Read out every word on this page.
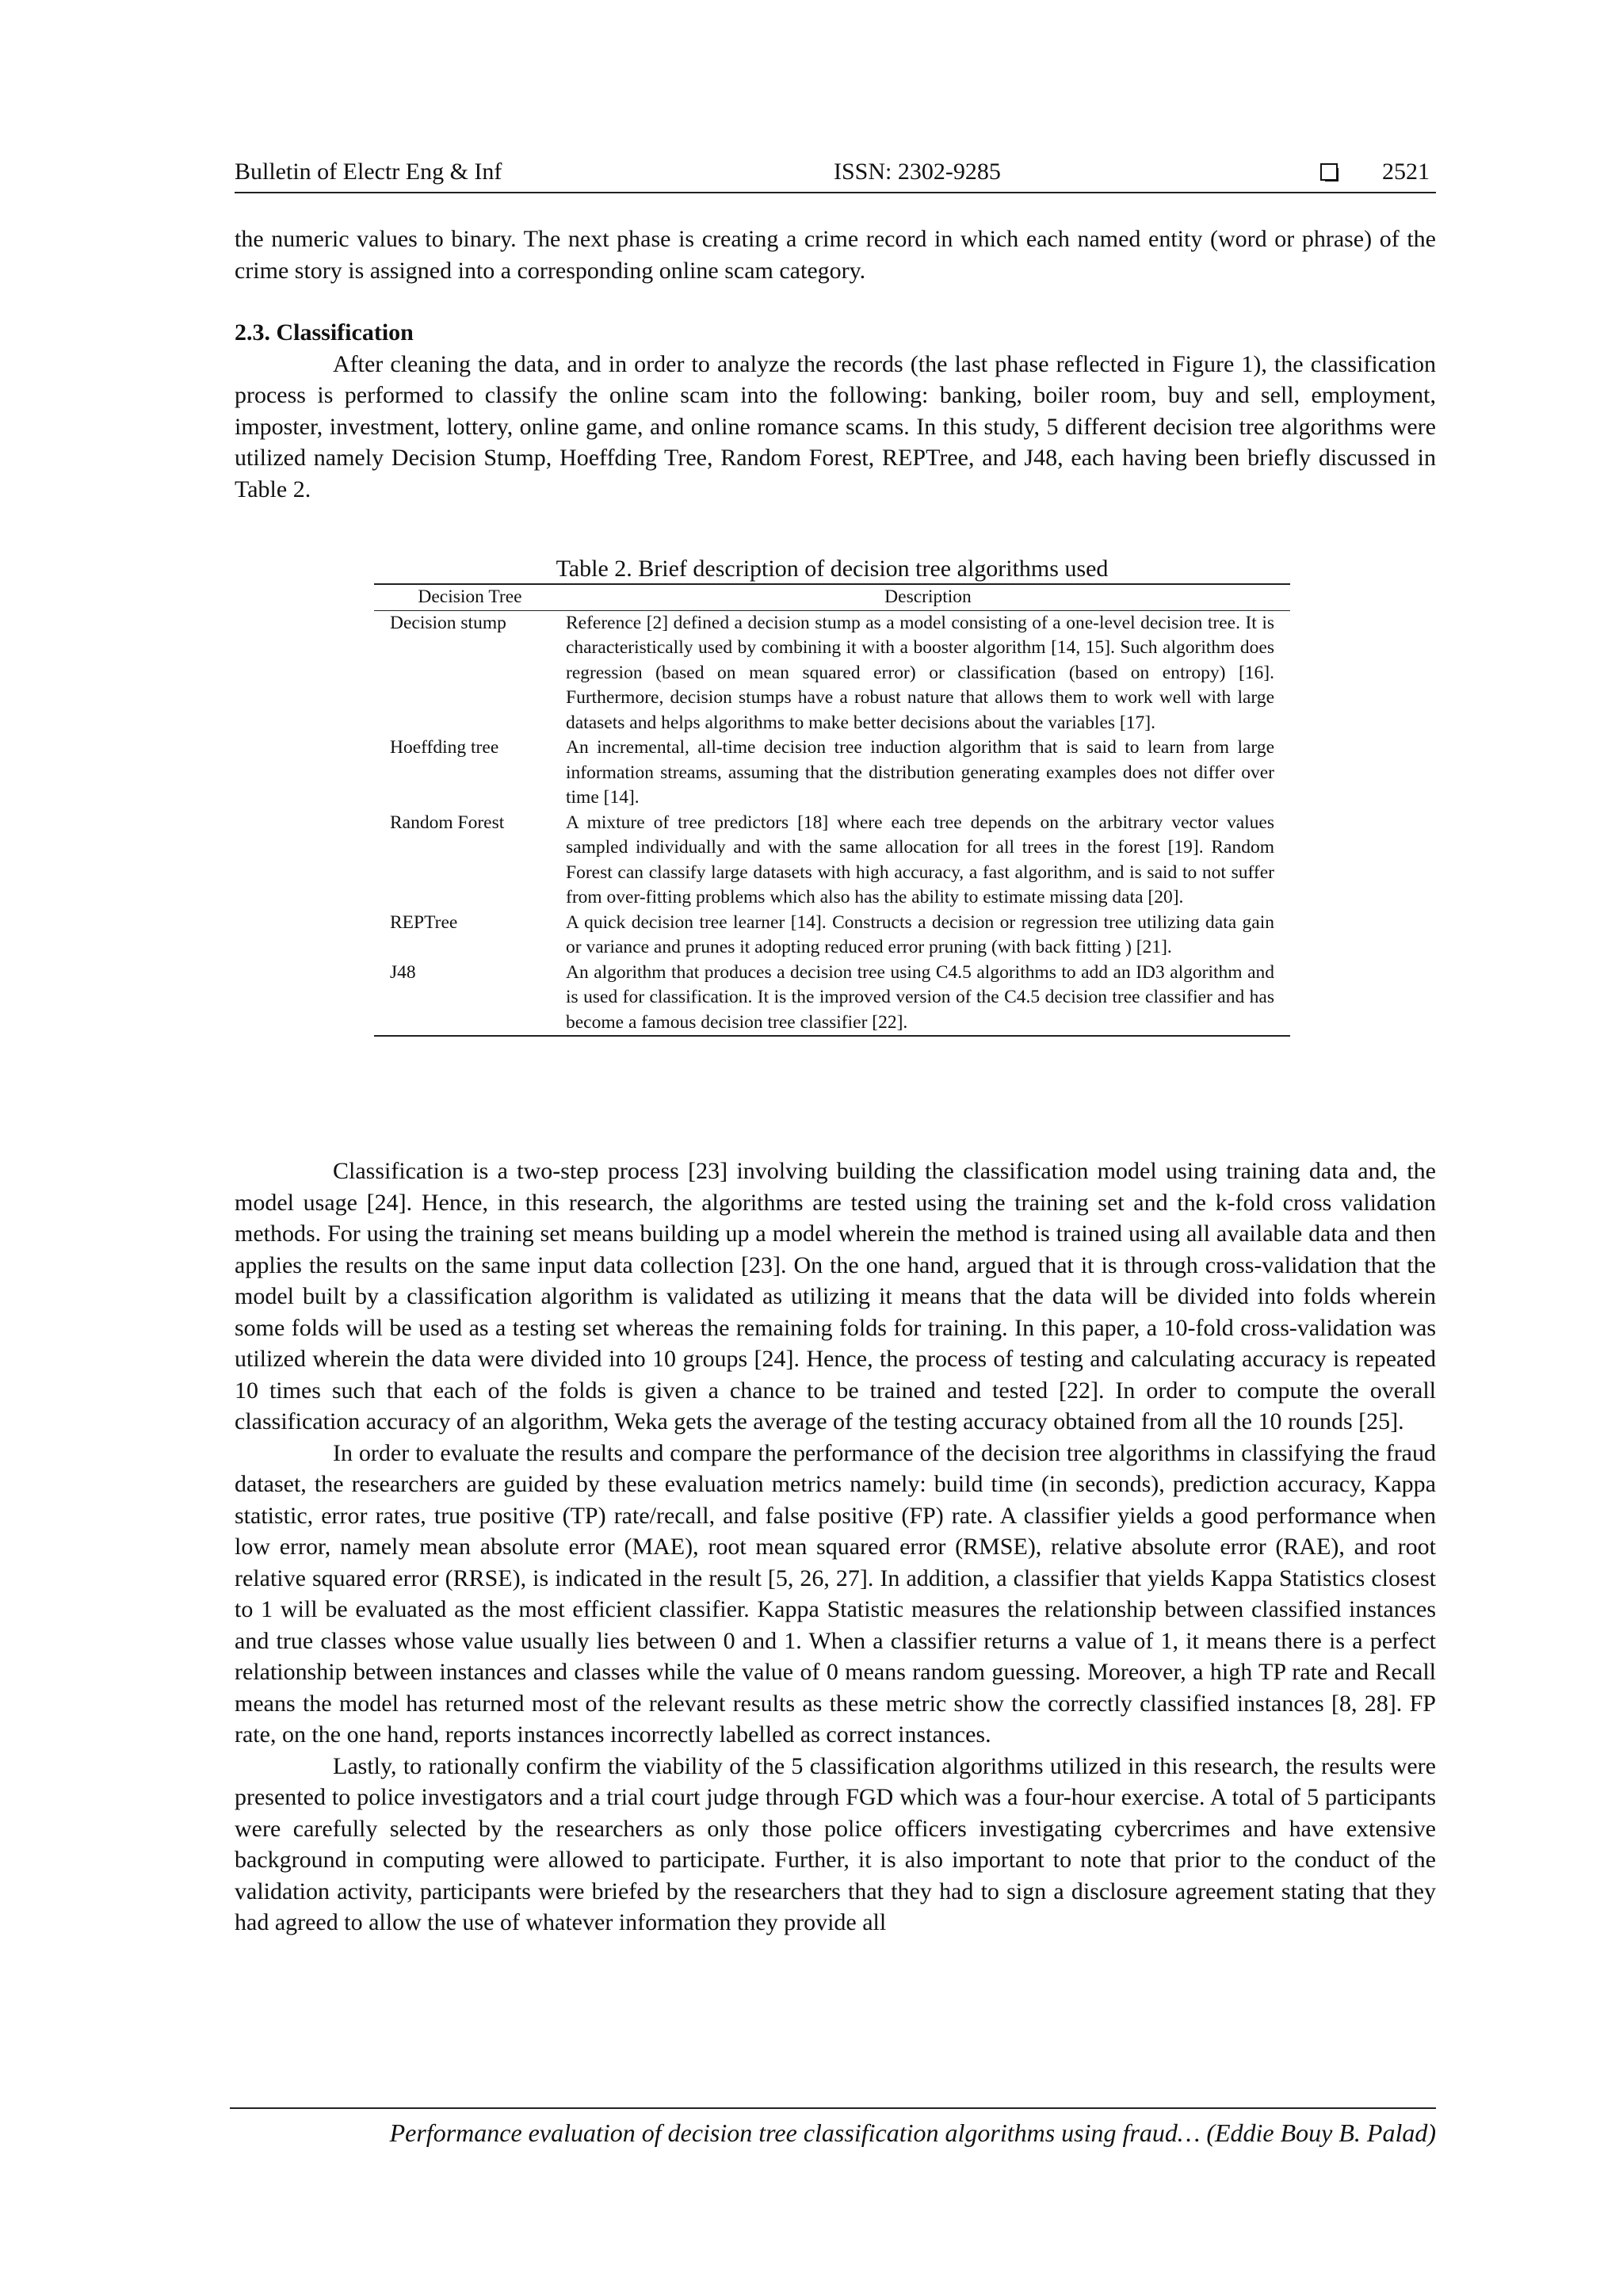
Bulletin of Electr Eng & Inf	ISSN: 2302-9285	2521

the numeric values to binary. The next phase is creating a crime record in which each named entity (word or phrase) of the crime story is assigned into a corresponding online scam category.

2.3. Classification

After cleaning the data, and in order to analyze the records (the last phase reflected in Figure 1), the classification process is performed to classify the online scam into the following: banking, boiler room, buy and sell, employment, imposter, investment, lottery, online game, and online romance scams. In this study, 5 different decision tree algorithms were utilized namely Decision Stump, Hoeffding Tree, Random Forest, REPTree, and J48, each having been briefly discussed in Table 2.

Table 2. Brief description of decision tree algorithms used
Decision Tree	Description
Decision stump	Reference [2] defined a decision stump as a model consisting of a one-level decision tree. It is characteristically used by combining it with a booster algorithm [14, 15]. Such algorithm does regression (based on mean squared error) or classification (based on entropy) [16]. Furthermore, decision stumps have a robust nature that allows them to work well with large datasets and helps algorithms to make better decisions about the variables [17].
Hoeffding tree	An incremental, all-time decision tree induction algorithm that is said to learn from large information streams, assuming that the distribution generating examples does not differ over time [14].
Random Forest	A mixture of tree predictors [18] where each tree depends on the arbitrary vector values sampled individually and with the same allocation for all trees in the forest [19]. Random Forest can classify large datasets with high accuracy, a fast algorithm, and is said to not suffer from over-fitting problems which also has the ability to estimate missing data [20].
REPTree	A quick decision tree learner [14]. Constructs a decision or regression tree utilizing data gain or variance and prunes it adopting reduced error pruning (with back fitting ) [21].
J48	An algorithm that produces a decision tree using C4.5 algorithms to add an ID3 algorithm and is used for classification. It is the improved version of the C4.5 decision tree classifier and has become a famous decision tree classifier [22].

Classification is a two-step process [23] involving building the classification model using training data and, the model usage [24]. Hence, in this research, the algorithms are tested using the training set and the k-fold cross validation methods. For using the training set means building up a model wherein the method is trained using all available data and then applies the results on the same input data collection [23]. On the one hand, argued that it is through cross-validation that the model built by a classification algorithm is validated as utilizing it means that the data will be divided into folds wherein some folds will be used as a testing set whereas the remaining folds for training. In this paper, a 10-fold cross-validation was utilized wherein the data were divided into 10 groups [24]. Hence, the process of testing and calculating accuracy is repeated 10 times such that each of the folds is given a chance to be trained and tested [22]. In order to compute the overall classification accuracy of an algorithm, Weka gets the average of the testing accuracy obtained from all the 10 rounds [25].

In order to evaluate the results and compare the performance of the decision tree algorithms in classifying the fraud dataset, the researchers are guided by these evaluation metrics namely: build time (in seconds), prediction accuracy, Kappa statistic, error rates, true positive (TP) rate/recall, and false positive (FP) rate. A classifier yields a good performance when low error, namely mean absolute error (MAE), root mean squared error (RMSE), relative absolute error (RAE), and root relative squared error (RRSE), is indicated in the result [5, 26, 27]. In addition, a classifier that yields Kappa Statistics closest to 1 will be evaluated as the most efficient classifier. Kappa Statistic measures the relationship between classified instances and true classes whose value usually lies between 0 and 1. When a classifier returns a value of 1, it means there is a perfect relationship between instances and classes while the value of 0 means random guessing. Moreover, a high TP rate and Recall means the model has returned most of the relevant results as these metric show the correctly classified instances [8, 28]. FP rate, on the one hand, reports instances incorrectly labelled as correct instances.

Lastly, to rationally confirm the viability of the 5 classification algorithms utilized in this research, the results were presented to police investigators and a trial court judge through FGD which was a four-hour exercise. A total of 5 participants were carefully selected by the researchers as only those police officers investigating cybercrimes and have extensive background in computing were allowed to participate. Further, it is also important to note that prior to the conduct of the validation activity, participants were briefed by the researchers that they had to sign a disclosure agreement stating that they had agreed to allow the use of whatever information they provide all

Performance evaluation of decision tree classification algorithms using fraud… (Eddie Bouy B. Palad)
